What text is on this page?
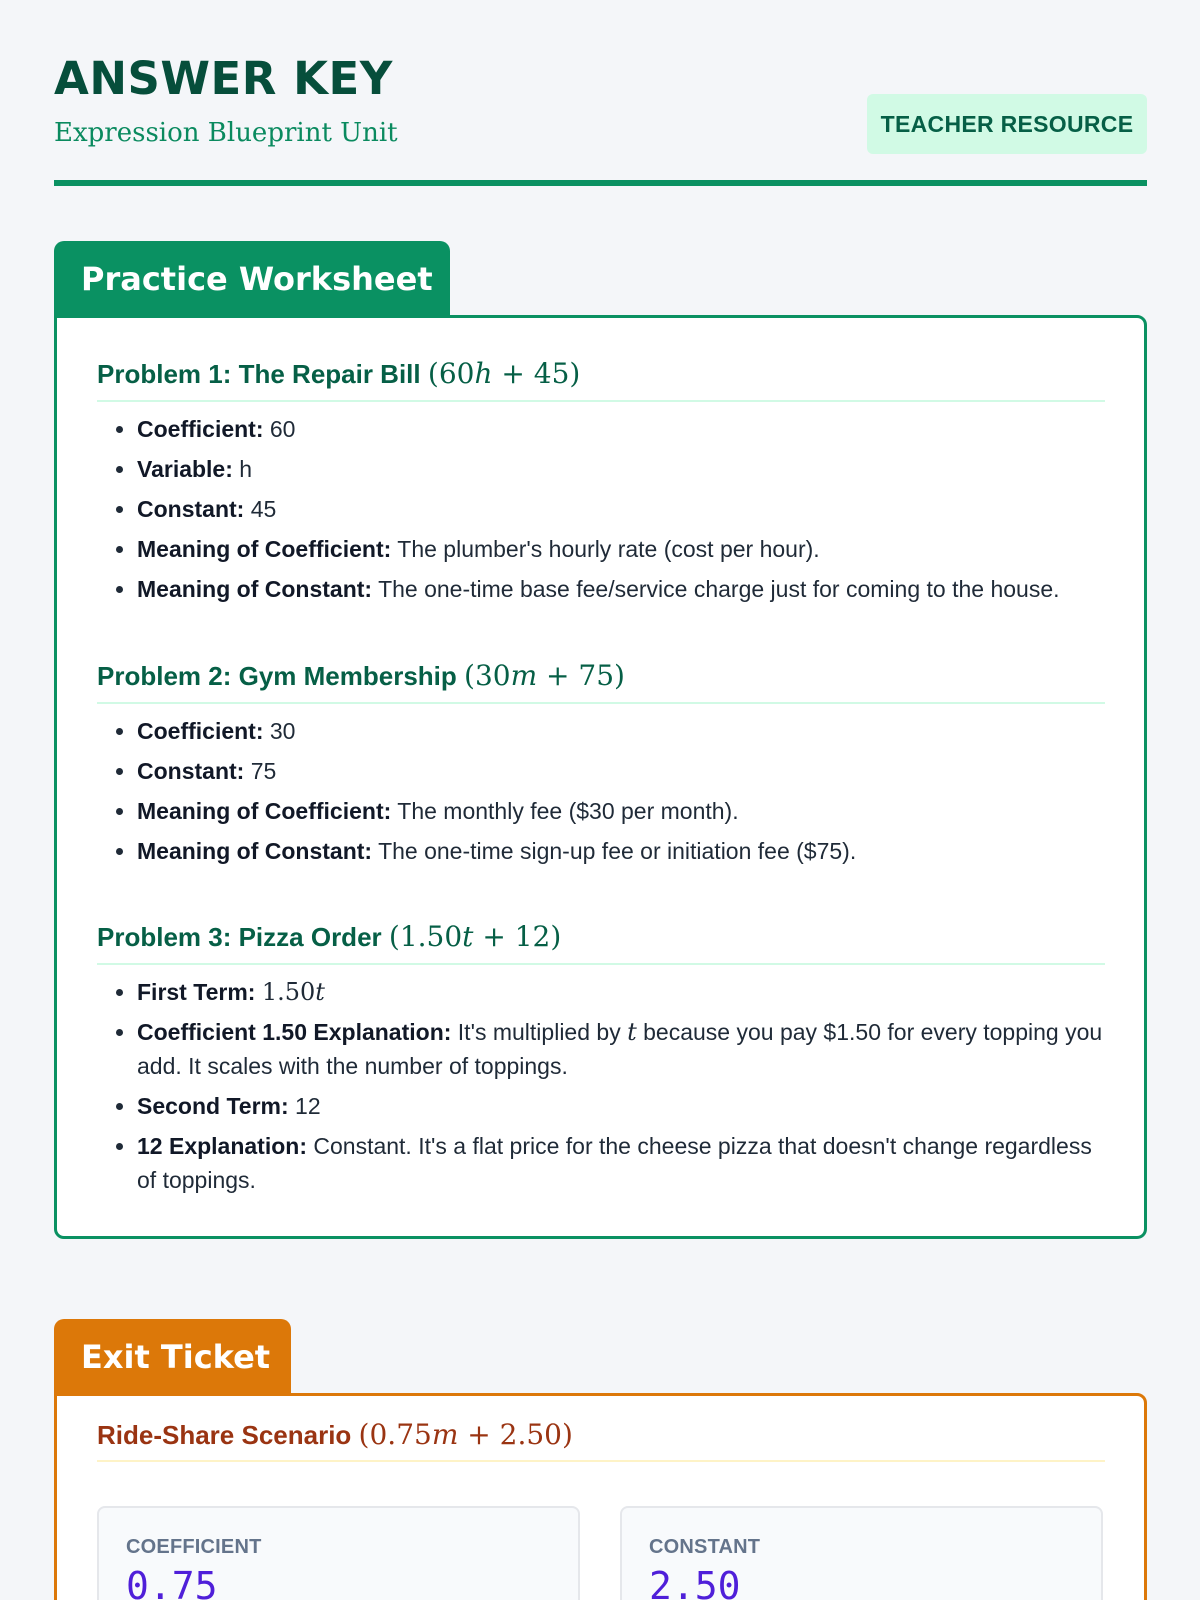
ANSWER KEY
Expression Blueprint Unit	TEACHER RESOURCE
Practice Worksheet
Problem 1: The Repair Bill (60h + 45)
• Coefficient: 60
• Variable: h
• Constant: 45
• Meaning of Coefficient: The plumber's hourly rate (cost per hour).
• Meaning of Constant: The one-time base fee/service charge just for coming to the house.
Problem 2: Gym Membership (30m + 75)
• Coefficient: 30
• Constant: 75
• Meaning of Coefficient: The monthly fee ($30 per month).
• Meaning of Constant: The one-time sign-up fee or initiation fee ($75).
Problem 3: Pizza Order (1.50t + 12)
• First Term: 1.50t
• Coefficient 1.50 Explanation: It's multiplied by t because you pay $1.50 for every topping you add. It scales with the number of toppings.
• Second Term: 12
• 12 Explanation: Constant. It's a flat price for the cheese pizza that doesn't change regardless of toppings.
Exit Ticket
Ride-Share Scenario (0.75m + 2.50)
COEFFICIENT
0.75
CONSTANT
2.50
